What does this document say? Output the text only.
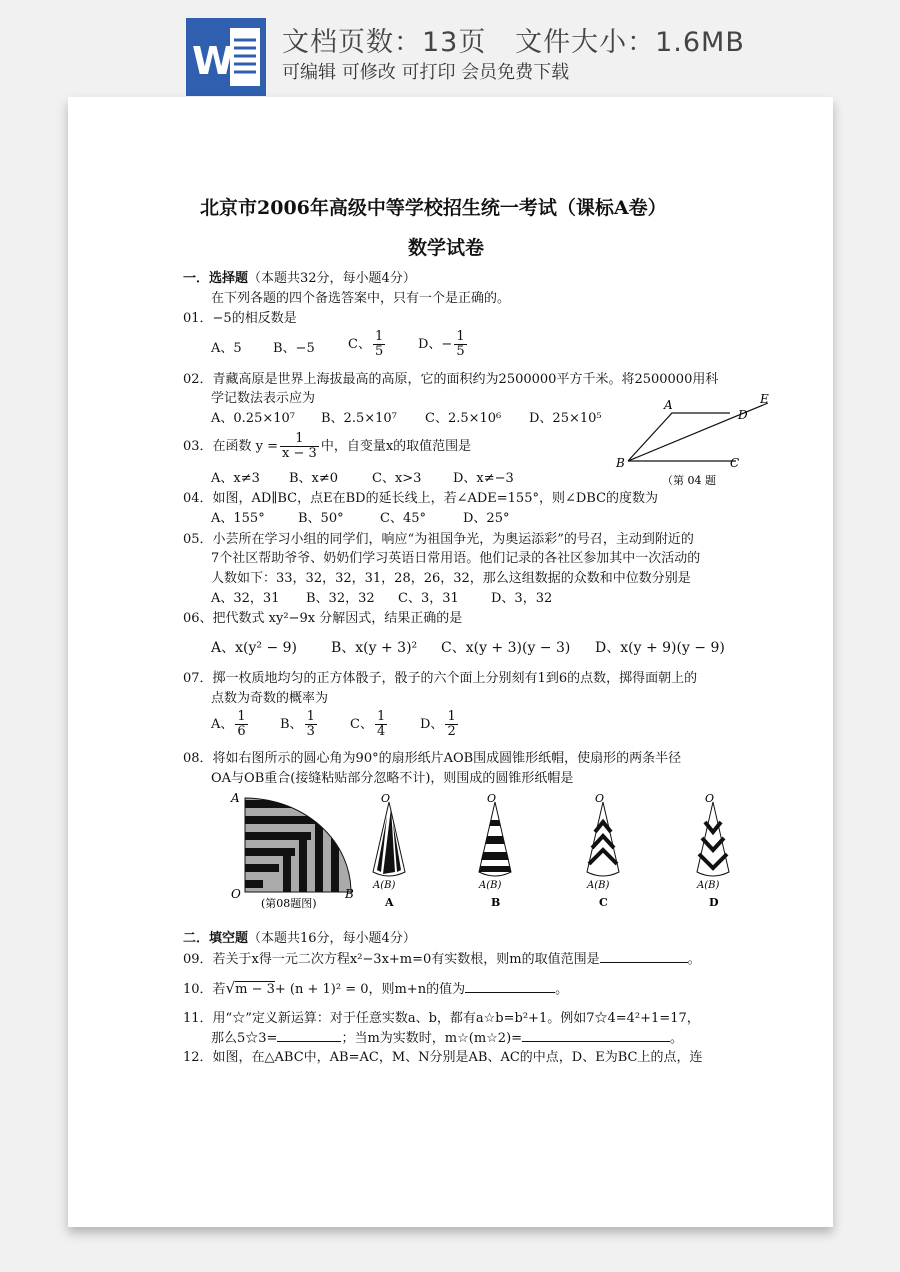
W 文档页数：13页   文件大小：1.6MB
可编辑 可修改 可打印 会员免费下载
北京市2006年高级中等学校招生统一考试（课标A卷）
数学试卷
一．选择题（本题共32分，每小题4分）
在下列各题的四个备选答案中，只有一个是正确的。
01．−5的相反数是
A、5 B、−5	C、 $\frac{1}{5}$	D、− $\frac{1}{5}$
02．青藏高原是世界上海拔最高的高原，它的面积约为2500000平方千米。将2500000用科
学记数法表示应为
A、0.25×10⁷ B、2.5×10⁷ C、2.5×10⁶ D、25×10⁵
A
B	C
D
E
（第 04 题
03．在函数 $y = \frac{1}{x - 3}$ 中，自变量x的取值范围是
A、x≠3 B、x≠0	C、x>3 D、x≠−3
04．如图，AD∥BC，点E在BD的延长线上，若∠ADE=155°，则∠DBC的度数为
A、155°	B、50°	C、45°	D、25°
05．小芸所在学习小组的同学们，响应“为祖国争光，为奥运添彩”的号召，主动到附近的
7个社区帮助爷爷、奶奶们学习英语日常用语。他们记录的各社区参加其中一次活动的
人数如下：33，32，32，31，28，26，32，那么这组数据的众数和中位数分别是
A、32，31 B、32，32 C、3，31 D、3，32
06、把代数式 xy²−9x 分解因式，结果正确的是
A、x(y² − 9) B、x(y + 3)² C、x(y + 3)(y − 3) D、x(y + 9)(y − 9)
07．掷一枚质地均匀的正方体骰子，骰子的六个面上分别刻有1到6的点数，掷得面朝上的
点数为奇数的概率为
A、 $\frac{1}{6}$ B、 $\frac{1}{3}$	C、 $\frac{1}{4}$	D、 $\frac{1}{2}$
08．将如右图所示的圆心角为90°的扇形纸片AOB围成圆锥形纸帽，使扇形的两条半径
OA与OB重合(接缝粘贴部分忽略不计)，则围成的圆锥形纸帽是
A
O	B
(第08题图)
O
A(B)
A
O
A(B)
B
O
A(B)
C
O
A(B)
D
二．填空题（本题共16分，每小题4分）
09．若关于x得一元二次方程x²−3x+m=0有实数根，则m的取值范围是	。
10．若√m − 3+ (n + 1)² = 0，则m+n的值为	。
11．用“☆”定义新运算：对于任意实数a、b，都有a☆b=b²+1。例如7☆4=4²+1=17，
那么5☆3=	；当m为实数时，m☆(m☆2)=	。
12．如图，在△ABC中，AB=AC，M、N分别是AB、AC的中点，D、E为BC上的点，连
